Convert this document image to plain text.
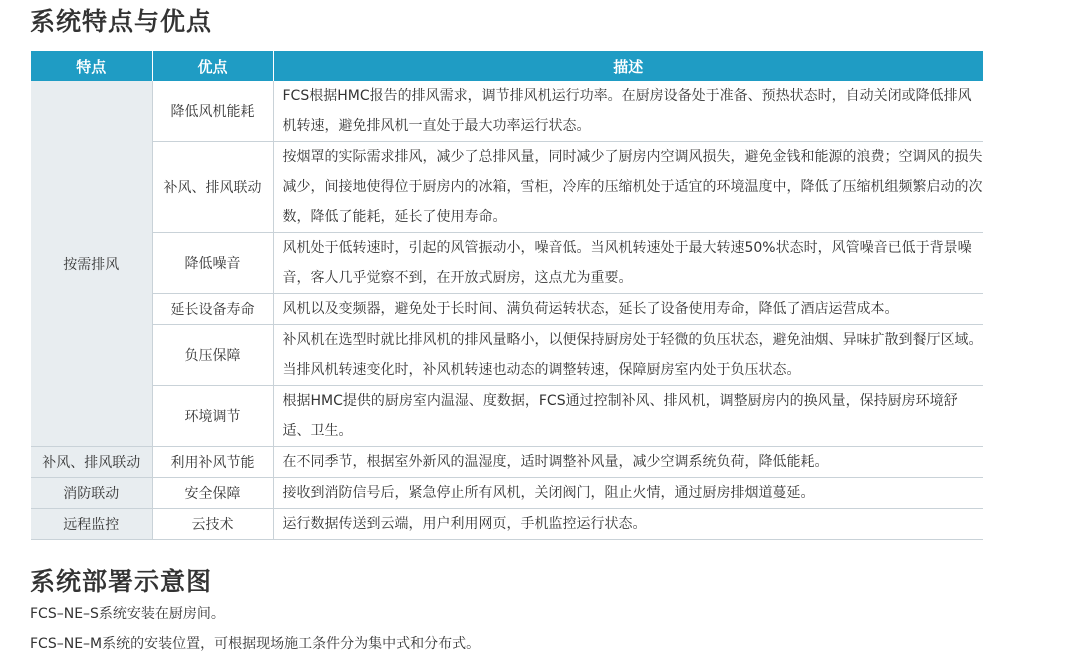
系统特点与优点
特点	优点	描述
按需排风	降低风机能耗	FCS根据HMC报告的排风需求，调节排风机运行功率。在厨房设备处于准备、预热状态时，自动关闭或降低排风机转速，避免排风机一直处于最大功率运行状态。
	补风、排风联动	按烟罩的实际需求排风，减少了总排风量，同时减少了厨房内空调风损失，避免金钱和能源的浪费；空调风的损失减少，间接地使得位于厨房内的冰箱，雪柜，冷库的压缩机处于适宜的环境温度中，降低了压缩机组频繁启动的次数，降低了能耗，延长了使用寿命。
	降低噪音	风机处于低转速时，引起的风管振动小，噪音低。当风机转速处于最大转速50%状态时，风管噪音已低于背景噪音，客人几乎觉察不到，在开放式厨房，这点尤为重要。
	延长设备寿命	风机以及变频器，避免处于长时间、满负荷运转状态，延长了设备使用寿命，降低了酒店运营成本。
	负压保障	补风机在选型时就比排风机的排风量略小，以便保持厨房处于轻微的负压状态，避免油烟、异味扩散到餐厅区域。当排风机转速变化时，补风机转速也动态的调整转速，保障厨房室内处于负压状态。
	环境调节	根据HMC提供的厨房室内温湿、度数据，FCS通过控制补风、排风机，调整厨房内的换风量，保持厨房环境舒适、卫生。
补风、排风联动	利用补风节能	在不同季节，根据室外新风的温湿度，适时调整补风量，减少空调系统负荷，降低能耗。
消防联动	安全保障	接收到消防信号后，紧急停止所有风机，关闭阀门，阻止火情，通过厨房排烟道蔓延。
远程监控	云技术	运行数据传送到云端，用户利用网页，手机监控运行状态。
系统部署示意图

FCS–NE–S系统安装在厨房间。

FCS–NE–M系统的安装位置，可根据现场施工条件分为集中式和分布式。
